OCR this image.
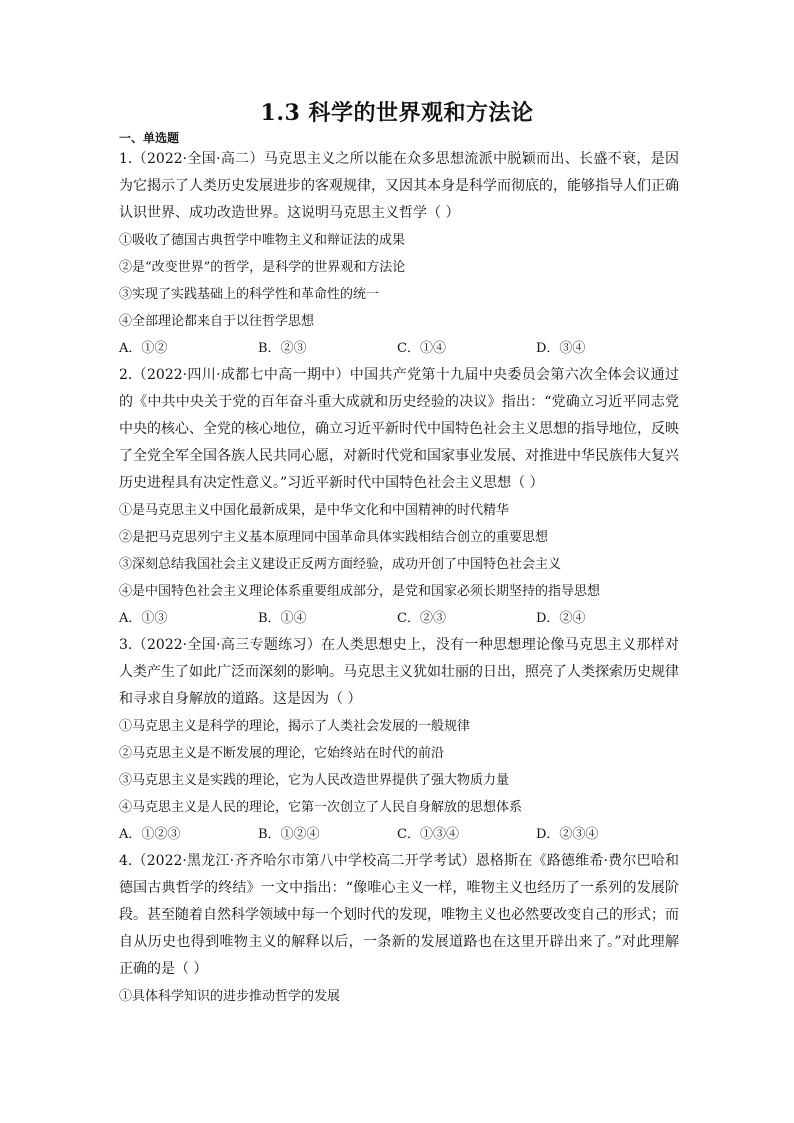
1.3 科学的世界观和方法论
一、单选题
1.（2022·全国·高二）马克思主义之所以能在众多思想流派中脱颖而出、长盛不衰，是因为它揭示了人类历史发展进步的客观规律，又因其本身是科学而彻底的，能够指导人们正确认识世界、成功改造世界。这说明马克思主义哲学（ ）
①吸收了德国古典哲学中唯物主义和辩证法的成果
②是“改变世界”的哲学，是科学的世界观和方法论
③实现了实践基础上的科学性和革命性的统一
④全部理论都来自于以往哲学思想
A．①②	B．②③	C．①④	D．③④
2.（2022·四川·成都七中高一期中）中国共产党第十九届中央委员会第六次全体会议通过的《中共中央关于党的百年奋斗重大成就和历史经验的决议》指出：“党确立习近平同志党中央的核心、全党的核心地位，确立习近平新时代中国特色社会主义思想的指导地位，反映了全党全军全国各族人民共同心愿，对新时代党和国家事业发展、对推进中华民族伟大复兴历史进程具有决定性意义。”习近平新时代中国特色社会主义思想（ ）
①是马克思主义中国化最新成果，是中华文化和中国精神的时代精华
②是把马克思列宁主义基本原理同中国革命具体实践相结合创立的重要思想
③深刻总结我国社会主义建设正反两方面经验，成功开创了中国特色社会主义
④是中国特色社会主义理论体系重要组成部分，是党和国家必须长期坚持的指导思想
A．①③	B．①④	C．②③	D．②④
3.（2022·全国·高三专题练习）在人类思想史上，没有一种思想理论像马克思主义那样对人类产生了如此广泛而深刻的影响。马克思主义犹如壮丽的日出，照亮了人类探索历史规律和寻求自身解放的道路。这是因为（ ）
①马克思主义是科学的理论，揭示了人类社会发展的一般规律
②马克思主义是不断发展的理论，它始终站在时代的前沿
③马克思主义是实践的理论，它为人民改造世界提供了强大物质力量
④马克思主义是人民的理论，它第一次创立了人民自身解放的思想体系
A．①②③	B．①②④	C．①③④	D．②③④
4.（2022·黑龙江·齐齐哈尔市第八中学校高二开学考试）恩格斯在《路德维希·费尔巴哈和德国古典哲学的终结》一文中指出：“像唯心主义一样，唯物主义也经历了一系列的发展阶段。甚至随着自然科学领域中每一个划时代的发现，唯物主义也必然要改变自己的形式；而自从历史也得到唯物主义的解释以后，一条新的发展道路也在这里开辟出来了。”对此理解正确的是（ ）
①具体科学知识的进步推动哲学的发展
